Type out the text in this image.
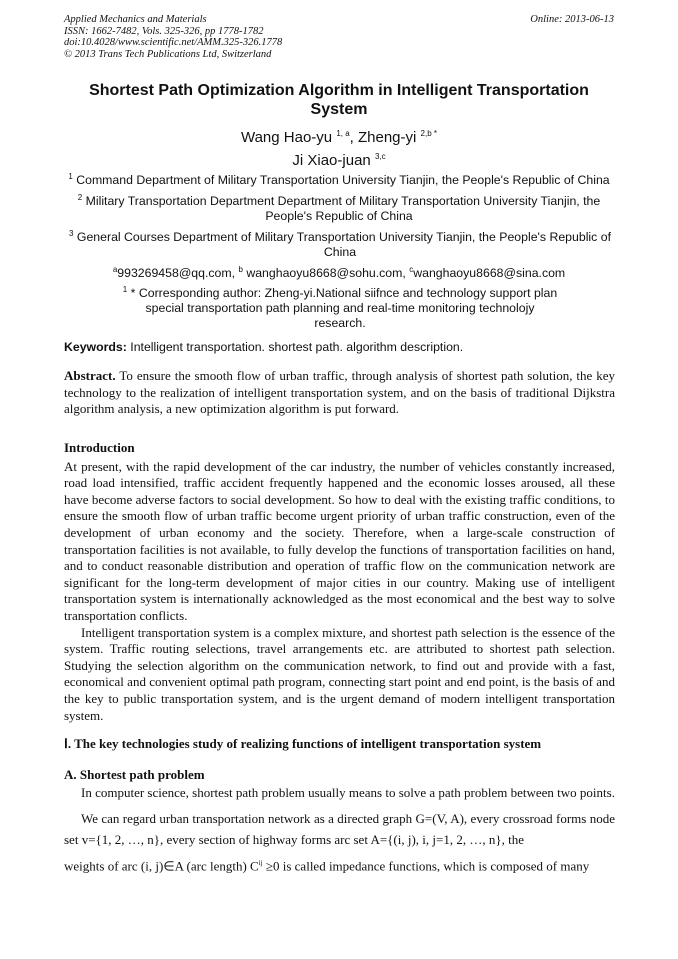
Applied Mechanics and Materials
ISSN: 1662-7482, Vols. 325-326, pp 1778-1782
doi:10.4028/www.scientific.net/AMM.325-326.1778
© 2013 Trans Tech Publications Ltd, Switzerland
Online: 2013-06-13
Shortest Path Optimization Algorithm in Intelligent Transportation System
Wang Hao-yu $^{1, a}$, Zheng-yi $^{2,b *}$
Ji Xiao-juan $^{3,c}$
$^1$ Command Department of Military Transportation University Tianjin, the People's Republic of China
$^2$ Military Transportation Department Department of Military Transportation University Tianjin, the People's Republic of China
$^3$ General Courses Department of Military Transportation University Tianjin, the People's Republic of China
$^a$993269458@qq.com, $^b$ wanghaoyu8668@sohu.com, $^c$wanghaoyu8668@sina.com
$^1$ * Corresponding author: Zheng-yi.National siifnce and technology support plan special transportation path planning and real-time monitoring technolojy research.
Keywords: Intelligent transportation. shortest path. algorithm description.

Abstract. To ensure the smooth flow of urban traffic, through analysis of shortest path solution, the key technology to the realization of intelligent transportation system, and on the basis of traditional Dijkstra algorithm analysis, a new optimization algorithm is put forward.

Introduction

At present, with the rapid development of the car industry, the number of vehicles constantly increased, road load intensified, traffic accident frequently happened and the economic losses aroused, all these have become adverse factors to social development. So how to deal with the existing traffic conditions, to ensure the smooth flow of urban traffic become urgent priority of urban traffic construction, even of the development of urban economy and the society. Therefore, when a large-scale construction of transportation facilities is not available, to fully develop the functions of transportation facilities on hand, and to conduct reasonable distribution and operation of traffic flow on the communication network are significant for the long-term development of major cities in our country. Making use of intelligent transportation system is internationally acknowledged as the most economical and the best way to solve transportation conflicts.

Intelligent transportation system is a complex mixture, and shortest path selection is the essence of the system. Traffic routing selections, travel arrangements etc. are attributed to shortest path selection. Studying the selection algorithm on the communication network, to find out and provide with a fast, economical and convenient optimal path program, connecting start point and end point, is the basis of and the key to public transportation system, and is the urgent demand of modern intelligent transportation system.

Ⅰ. The key technologies study of realizing functions of intelligent transportation system

A. Shortest path problem

In computer science, shortest path problem usually means to solve a path problem between two points.

We can regard urban transportation network as a directed graph G=(V, A), every crossroad forms node set v={1, 2, …, n}, every section of highway forms arc set A={(i, j), i, j=1, 2, …, n}, the

weights of arc (i, j)∈A (arc length) $C^{ij} \ge 0$ is called impedance functions, which is composed of many
